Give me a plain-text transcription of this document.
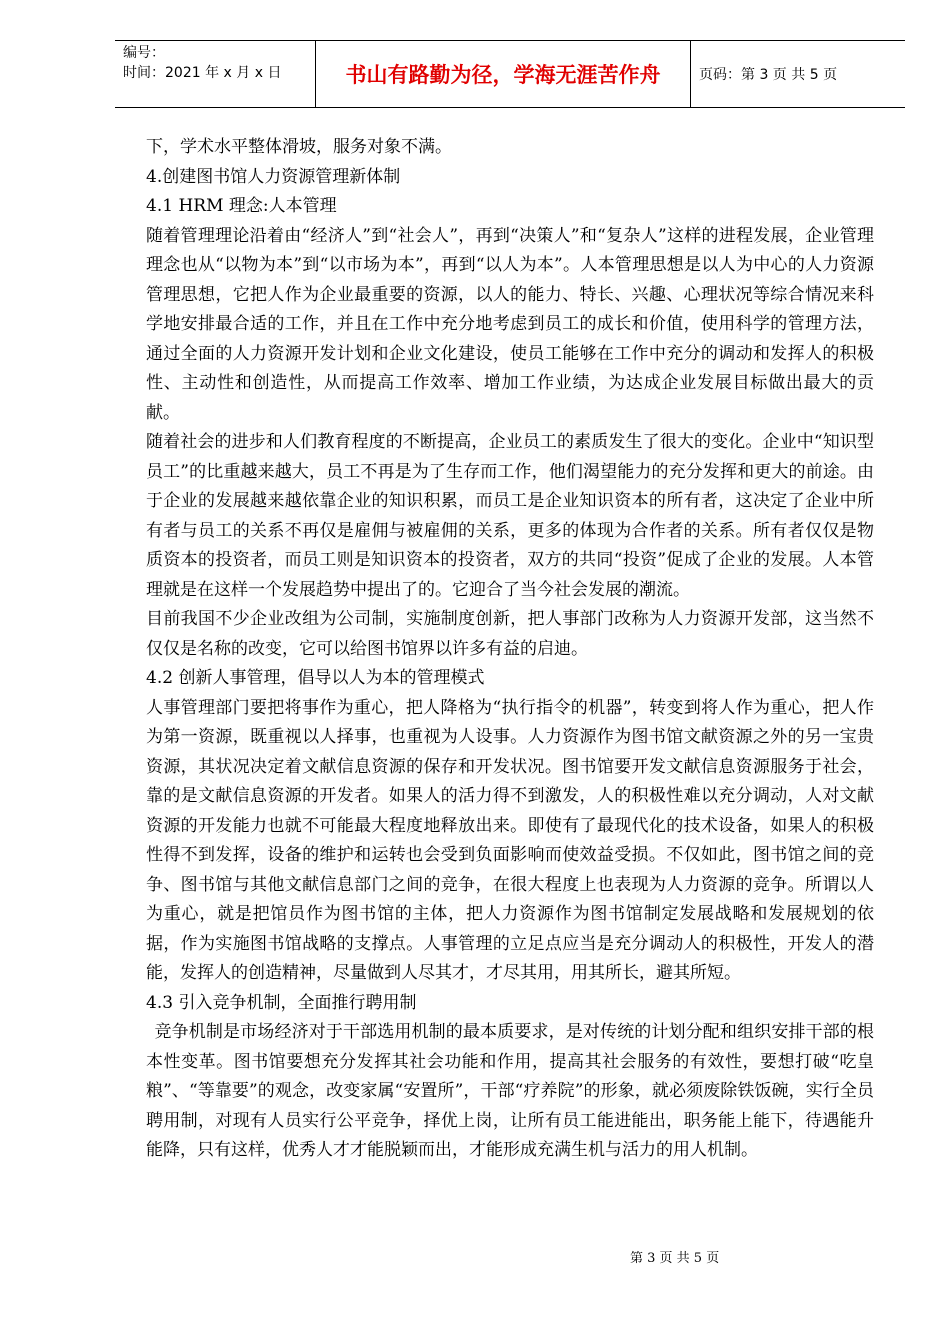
编号：
时间：2021 年 x 月 x 日	书山有路勤为径，学海无涯苦作舟	页码：第 3 页 共 5 页

下，学术水平整体滑坡，服务对象不满。

4.创建图书馆人力资源管理新体制

4.1 HRM 理念:人本管理

随着管理理论沿着由“经济人”到“社会人”，再到“决策人”和“复杂人”这样的进程发展，企业管理理念也从“以物为本”到“以市场为本”，再到“以人为本”。人本管理思想是以人为中心的人力资源管理思想，它把人作为企业最重要的资源，以人的能力、特长、兴趣、心理状况等综合情况来科学地安排最合适的工作，并且在工作中充分地考虑到员工的成长和价值，使用科学的管理方法，通过全面的人力资源开发计划和企业文化建设，使员工能够在工作中充分的调动和发挥人的积极性、主动性和创造性，从而提高工作效率、增加工作业绩，为达成企业发展目标做出最大的贡献。

随着社会的进步和人们教育程度的不断提高，企业员工的素质发生了很大的变化。企业中“知识型员工”的比重越来越大，员工不再是为了生存而工作，他们渴望能力的充分发挥和更大的前途。由于企业的发展越来越依靠企业的知识积累，而员工是企业知识资本的所有者，这决定了企业中所有者与员工的关系不再仅是雇佣与被雇佣的关系，更多的体现为合作者的关系。所有者仅仅是物质资本的投资者，而员工则是知识资本的投资者，双方的共同“投资”促成了企业的发展。人本管理就是在这样一个发展趋势中提出了的。它迎合了当今社会发展的潮流。

目前我国不少企业改组为公司制，实施制度创新，把人事部门改称为人力资源开发部，这当然不仅仅是名称的改变，它可以给图书馆界以许多有益的启迪。

4.2 创新人事管理，倡导以人为本的管理模式

人事管理部门要把将事作为重心，把人降格为“执行指令的机器”，转变到将人作为重心，把人作为第一资源，既重视以人择事，也重视为人设事。人力资源作为图书馆文献资源之外的另一宝贵资源，其状况决定着文献信息资源的保存和开发状况。图书馆要开发文献信息资源服务于社会，靠的是文献信息资源的开发者。如果人的活力得不到激发，人的积极性难以充分调动，人对文献资源的开发能力也就不可能最大程度地释放出来。即使有了最现代化的技术设备，如果人的积极性得不到发挥，设备的维护和运转也会受到负面影响而使效益受损。不仅如此，图书馆之间的竞争、图书馆与其他文献信息部门之间的竞争，在很大程度上也表现为人力资源的竞争。所谓以人为重心，就是把馆员作为图书馆的主体，把人力资源作为图书馆制定发展战略和发展规划的依据，作为实施图书馆战略的支撑点。人事管理的立足点应当是充分调动人的积极性，开发人的潜能，发挥人的创造精神，尽量做到人尽其才，才尽其用，用其所长，避其所短。

4.3 引入竞争机制，全面推行聘用制

竞争机制是市场经济对于干部选用机制的最本质要求，是对传统的计划分配和组织安排干部的根本性变革。图书馆要想充分发挥其社会功能和作用，提高其社会服务的有效性，要想打破“吃皇粮”、“等靠要”的观念，改变家属“安置所”，干部“疗养院”的形象，就必须废除铁饭碗，实行全员聘用制，对现有人员实行公平竞争，择优上岗，让所有员工能进能出，职务能上能下，待遇能升能降，只有这样，优秀人才才能脱颖而出，才能形成充满生机与活力的用人机制。

第 3 页 共 5 页
